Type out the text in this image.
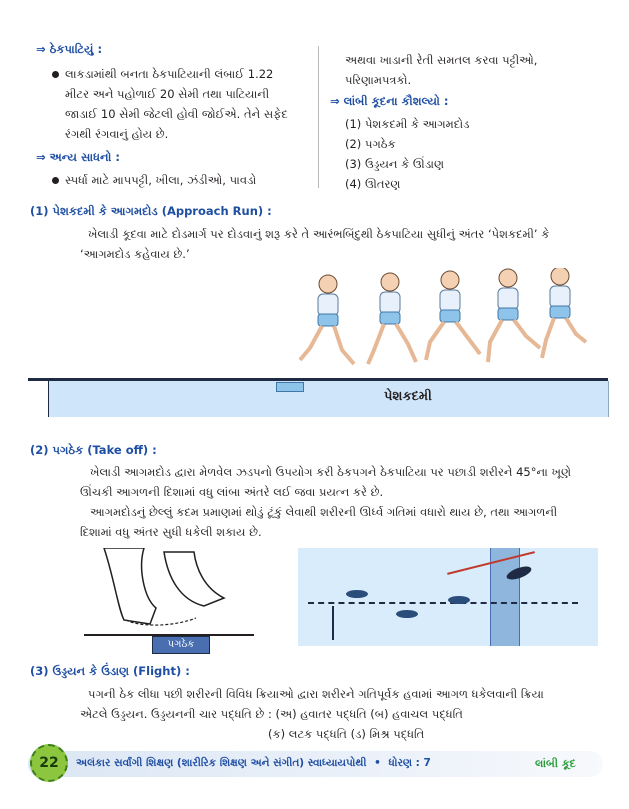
⇒ ઠેકપાટિયું :
લાકડામાંથી બનતા ઠેકપાટિયાની લંબાઈ 1.22
મીટર અને પહોળાઈ 20 સેમી તથા પાટિયાની
જાડાઈ 10 સેમી જેટલી હોવી જોઈએ. તેને સફેદ
રંગથી રંગવાનું હોય છે.
⇒ અન્ય સાધનો :
સ્પર્ધા માટે માપપટ્ટી, ખીલા, ઝંડીઓ, પાવડો
અથવા ખાડાની રેતી સમતલ કરવા પટ્ટીઓ,
પરિણામપત્રકો.
⇒ લાંબી કૂદના કૌશલ્યો :
(1) પેશકદમી કે આગમદોડ
(2) પગઠેક
(3) ઉડ્ડયન કે ઊંડાણ
(4) ઊતરણ
(1) પેશકદમી કે આગમદોડ (Approach Run) :
ખેલાડી કૂદવા માટે દોડમાર્ગ પર દોડવાનું શરૂ કરે તે આરંભબિંદુથી ઠેકપાટિયા સુધીનું અંતર ‘પેશકદમી’ કે
‘આગમદોડ કહેવાય છે.’
પેશકદમી
(2) પગઠેક (Take off) :
ખેલાડી આગમદોડ દ્વારા મેળવેલ ઝડપનો ઉપયોગ કરી ઠેકપગને ઠેકપાટિયા પર પછાડી શરીરને 45°ના ખૂણે
ઊંચકી આગળની દિશામાં વધુ લાંબા અંતરે લઈ જવા પ્રયત્ન કરે છે.
આગમદોડનું છેલ્લું કદમ પ્રમાણમાં થોડું ટૂંકું લેવાથી શરીરની ઊર્ધ્વ ગતિમાં વધારો થાય છે, તથા આગળની
દિશામાં વધુ અંતર સુધી ધકેલી શકાય છે.
પગઠેક
(3) ઉડ્ડયન કે ઉંડાણ (Flight) :
પગની ઠેક લીધા પછી શરીરની વિવિધ ક્રિયાઓ દ્વારા શરીરને ગતિપૂર્વક હવામાં આગળ ધકેલવાની ક્રિયા
એટલે ઉડ્ડયન. ઉડ્ડયનની ચાર પદ્ધતિ છે : (અ) હવાતર પદ્ધતિ (બ) હવાચલ પદ્ધતિ
(ક) લટક પદ્ધતિ (ડ) મિશ્ર પદ્ધતિ
22	અલંકાર સર્વાંગી શિક્ષણ (શારીરિક શિક્ષણ અને સંગીત) સ્વાધ્યાયપોથી • ધોરણ : 7	લાંબી કૂદ
